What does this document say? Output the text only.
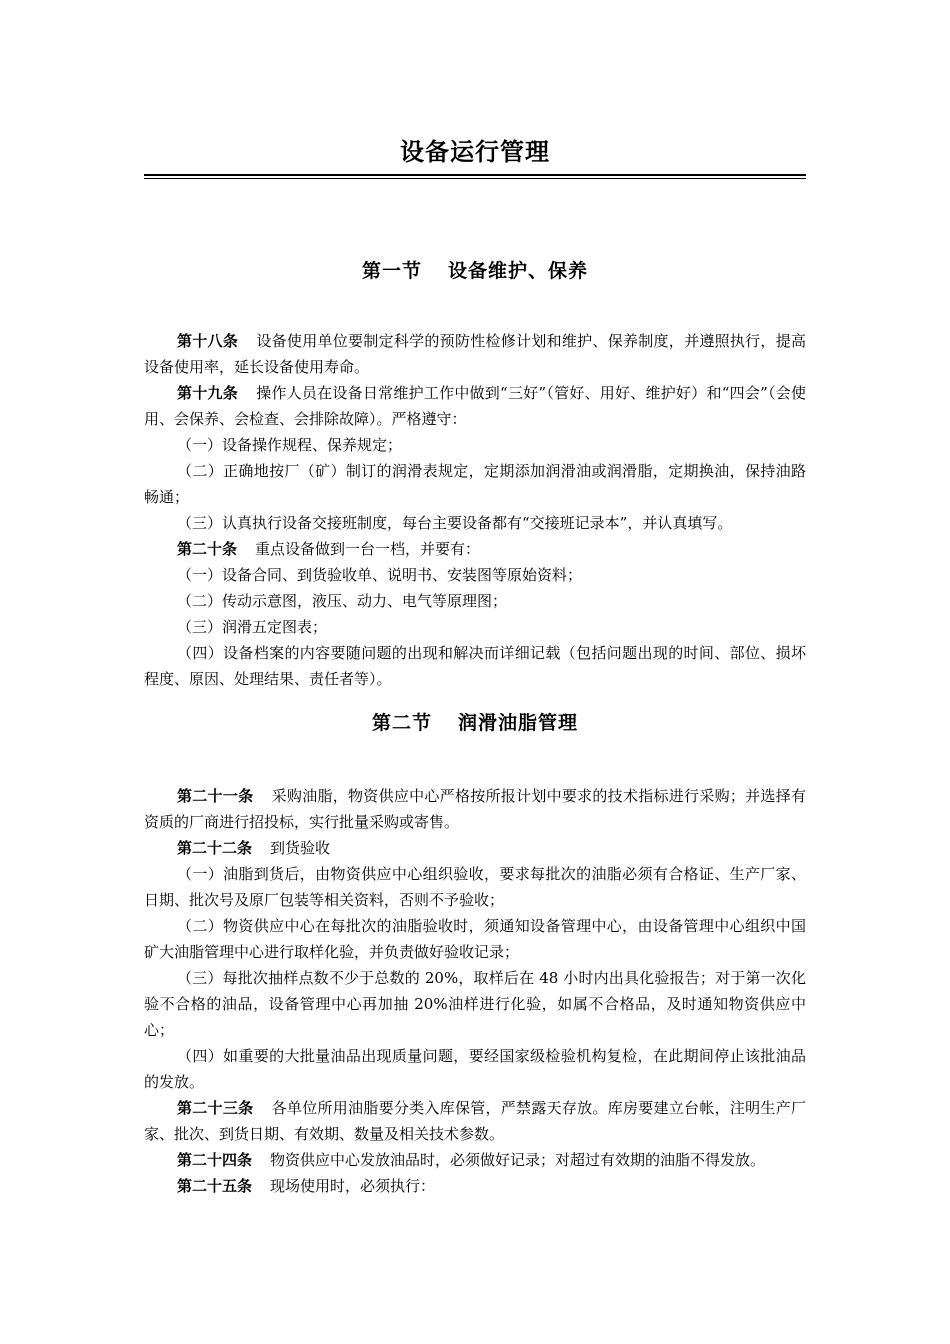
设备运行管理
第一节 设备维护、保养

第十八条 设备使用单位要制定科学的预防性检修计划和维护、保养制度，并遵照执行，提高设备使用率，延长设备使用寿命。

第十九条 操作人员在设备日常维护工作中做到“三好”（管好、用好、维护好）和“四会”（会使用、会保养、会检查、会排除故障）。严格遵守：

（一）设备操作规程、保养规定；

（二）正确地按厂（矿）制订的润滑表规定，定期添加润滑油或润滑脂，定期换油，保持油路畅通；

（三）认真执行设备交接班制度，每台主要设备都有“交接班记录本”，并认真填写。

第二十条 重点设备做到一台一档，并要有：

（一）设备合同、到货验收单、说明书、安装图等原始资料；

（二）传动示意图，液压、动力、电气等原理图；

（三）润滑五定图表；

（四）设备档案的内容要随问题的出现和解决而详细记载（包括问题出现的时间、部位、损坏程度、原因、处理结果、责任者等）。

第二节 润滑油脂管理

第二十一条 采购油脂，物资供应中心严格按所报计划中要求的技术指标进行采购；并选择有资质的厂商进行招投标，实行批量采购或寄售。

第二十二条 到货验收

（一）油脂到货后，由物资供应中心组织验收，要求每批次的油脂必须有合格证、生产厂家、日期、批次号及原厂包装等相关资料，否则不予验收；

（二）物资供应中心在每批次的油脂验收时，须通知设备管理中心，由设备管理中心组织中国矿大油脂管理中心进行取样化验，并负责做好验收记录；

（三）每批次抽样点数不少于总数的 20%，取样后在 48 小时内出具化验报告；对于第一次化验不合格的油品，设备管理中心再加抽 20%油样进行化验，如属不合格品，及时通知物资供应中心；

（四）如重要的大批量油品出现质量问题，要经国家级检验机构复检，在此期间停止该批油品的发放。

第二十三条 各单位所用油脂要分类入库保管，严禁露天存放。库房要建立台帐，注明生产厂家、批次、到货日期、有效期、数量及相关技术参数。

第二十四条 物资供应中心发放油品时，必须做好记录；对超过有效期的油脂不得发放。

第二十五条 现场使用时，必须执行：
